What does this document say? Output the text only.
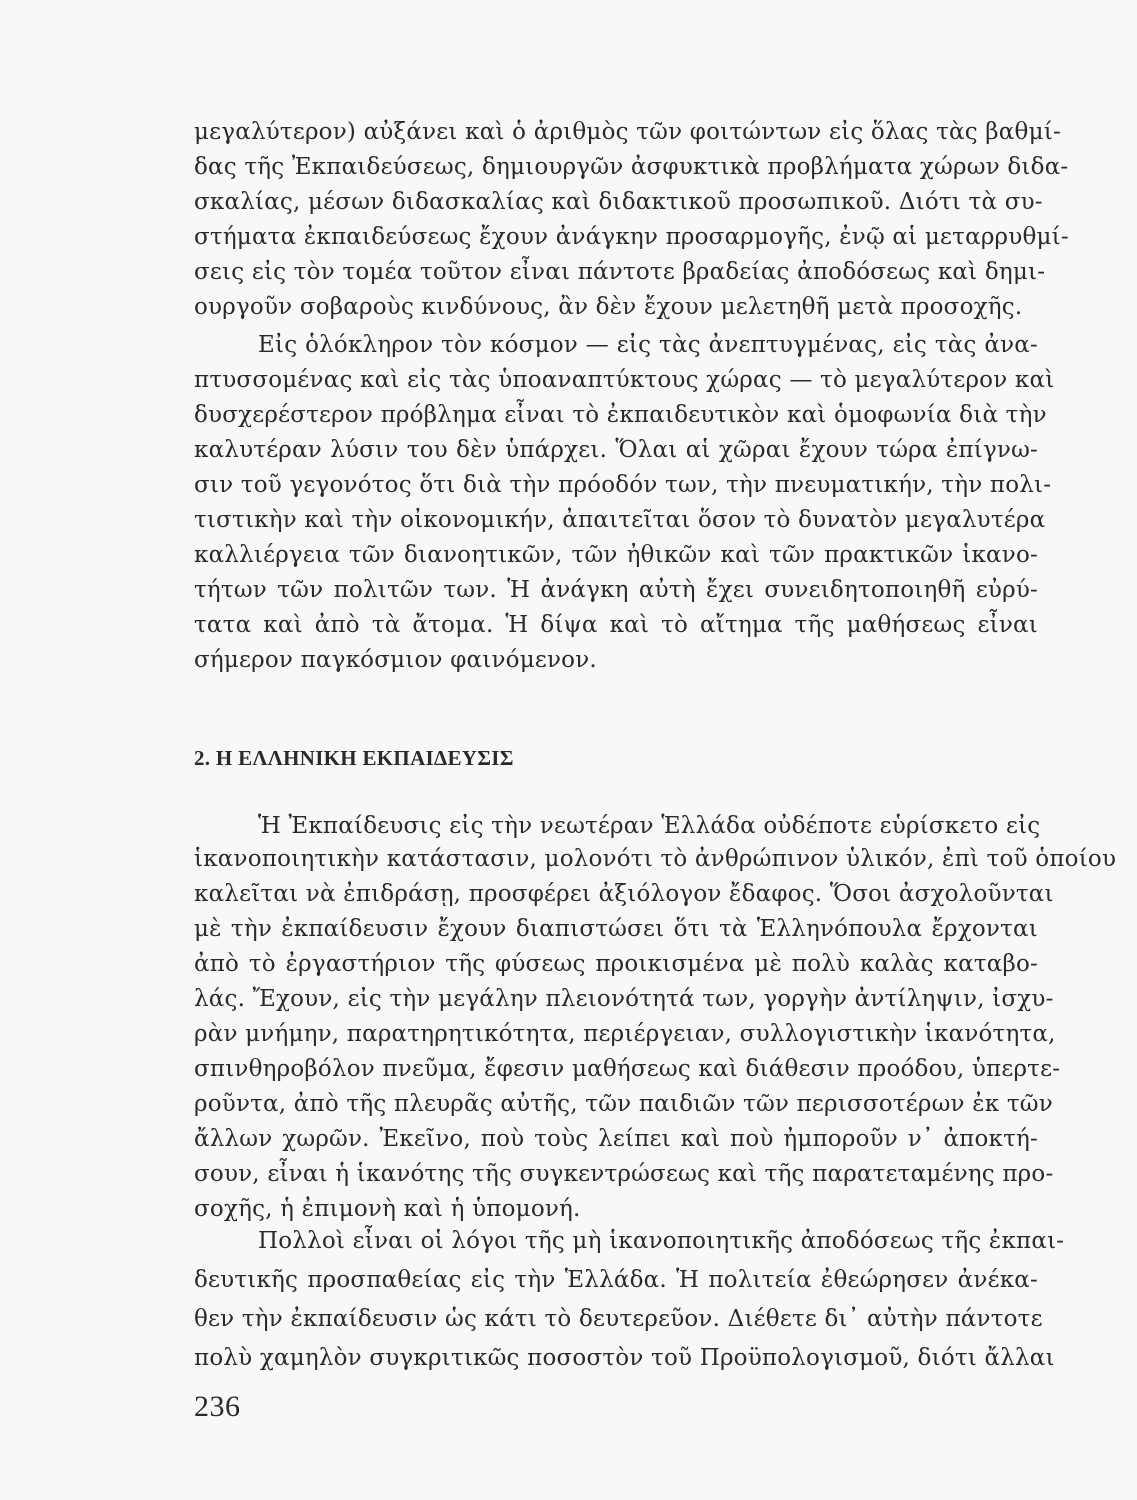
μεγαλύτερον) αὐξάνει καὶ ὁ ἀριθμὸς τῶν φοιτώντων εἰς ὅλας τὰς βαθμί-
δας τῆς Ἐκπαιδεύσεως, δημιουργῶν ἀσφυκτικὰ προβλήματα χώρων διδα-
σκαλίας, μέσων διδασκαλίας καὶ διδακτικοῦ προσωπικοῦ. Διότι τὰ συ-
στήματα ἐκπαιδεύσεως ἔχουν ἀνάγκην προσαρμογῆς, ἐνῷ αἱ μεταρρυθμί-
σεις εἰς τὸν τομέα τοῦτον εἶναι πάντοτε βραδείας ἀποδόσεως καὶ δημι-
ουργοῦν σοβαροὺς κινδύνους, ἂν δὲν ἔχουν μελετηθῆ μετὰ προσοχῆς.
Εἰς ὁλόκληρον τὸν κόσμον — εἰς τὰς ἀνεπτυγμένας, εἰς τὰς ἀνα-
πτυσσομένας καὶ εἰς τὰς ὑποαναπτύκτους χώρας — τὸ μεγαλύτερον καὶ
δυσχερέστερον πρόβλημα εἶναι τὸ ἐκπαιδευτικὸν καὶ ὁμοφωνία διὰ τὴν
καλυτέραν λύσιν του δὲν ὑπάρχει. Ὅλαι αἱ χῶραι ἔχουν τώρα ἐπίγνω-
σιν τοῦ γεγονότος ὅτι διὰ τὴν πρόοδόν των, τὴν πνευματικήν, τὴν πολι-
τιστικὴν καὶ τὴν οἰκονομικήν, ἀπαιτεῖται ὅσον τὸ δυνατὸν μεγαλυτέρα
καλλιέργεια τῶν διανοητικῶν, τῶν ἠθικῶν καὶ τῶν πρακτικῶν ἱκανο-
τήτων τῶν πολιτῶν των. Ἡ ἀνάγκη αὐτὴ ἔχει συνειδητοποιηθῆ εὐρύ-
τατα καὶ ἀπὸ τὰ ἄτομα. Ἡ δίψα καὶ τὸ αἴτημα τῆς μαθήσεως εἶναι
σήμερον παγκόσμιον φαινόμενον.
2. Η ΕΛΛΗΝΙΚΗ ΕΚΠΑΙΔΕΥΣΙΣ
Ἡ Ἐκπαίδευσις εἰς τὴν νεωτέραν Ἑλλάδα οὐδέποτε εὑρίσκετο εἰς
ἱκανοποιητικὴν κατάστασιν, μολονότι τὸ ἀνθρώπινον ὑλικόν, ἐπὶ τοῦ ὁποίου
καλεῖται νὰ ἐπιδράσῃ, προσφέρει ἀξιόλογον ἔδαφος. Ὅσοι ἀσχολοῦνται
μὲ τὴν ἐκπαίδευσιν ἔχουν διαπιστώσει ὅτι τὰ Ἑλληνόπουλα ἔρχονται
ἀπὸ τὸ ἐργαστήριον τῆς φύσεως προικισμένα μὲ πολὺ καλὰς καταβο-
λάς. Ἔχουν, εἰς τὴν μεγάλην πλειονότητά των, γοργὴν ἀντίληψιν, ἰσχυ-
ρὰν μνήμην, παρατηρητικότητα, περιέργειαν, συλλογιστικὴν ἱκανότητα,
σπινθηροβόλον πνεῦμα, ἔφεσιν μαθήσεως καὶ διάθεσιν προόδου, ὑπερτε-
ροῦντα, ἀπὸ τῆς πλευρᾶς αὐτῆς, τῶν παιδιῶν τῶν περισσοτέρων ἐκ τῶν
ἄλλων χωρῶν. Ἐκεῖνο, ποὺ τοὺς λείπει καὶ ποὺ ἠμποροῦν ν᾽ ἀποκτή-
σουν, εἶναι ἡ ἱκανότης τῆς συγκεντρώσεως καὶ τῆς παρατεταμένης προ-
σοχῆς, ἡ ἐπιμονὴ καὶ ἡ ὑπομονή.
Πολλοὶ εἶναι οἱ λόγοι τῆς μὴ ἱκανοποιητικῆς ἀποδόσεως τῆς ἐκπαι-
δευτικῆς προσπαθείας εἰς τὴν Ἑλλάδα. Ἡ πολιτεία ἐθεώρησεν ἀνέκα-
θεν τὴν ἐκπαίδευσιν ὡς κάτι τὸ δευτερεῦον. Διέθετε δι᾽ αὐτὴν πάντοτε
πολὺ χαμηλὸν συγκριτικῶς ποσοστὸν τοῦ Προϋπολογισμοῦ, διότι ἄλλαι
236
